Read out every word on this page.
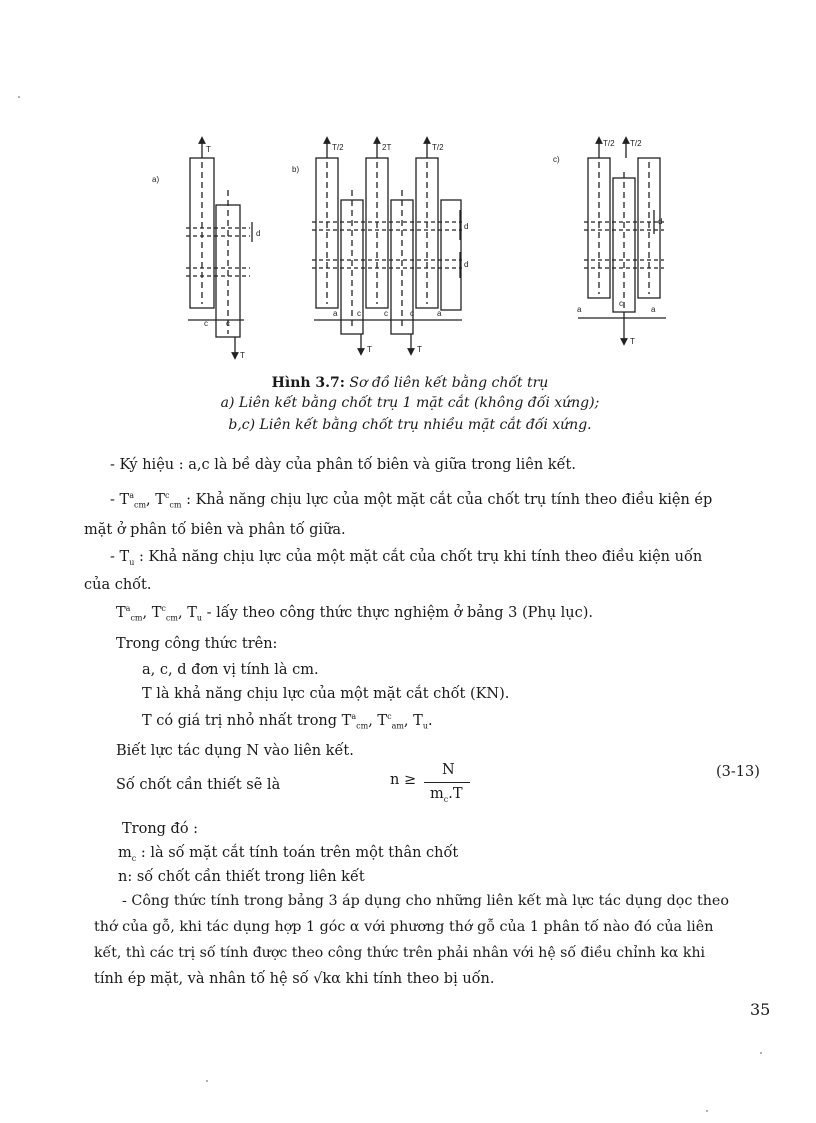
a)
T
T
d
c c
b)
T/2	2T	T/2
d
d
a c	c	c	a
T	T
c)
T/2 T/2
d
a
c
a
T
Hình 3.7: Sơ đồ liên kết bằng chốt trụ
a) Liên kết bằng chốt trụ 1 mặt cắt (không đối xứng);
b,c) Liên kết bằng chốt trụ nhiều mặt cắt đối xứng.
- Ký hiệu : a,c là bề dày của phân tố biên và giữa trong liên kết.
- $T^a_{cm}$, $T^c_{cm}$ : Khả năng chịu lực của một mặt cắt của chốt trụ tính theo điều kiện ép
mặt ở phân tố biên và phân tố giữa.
- $T_u$ : Khả năng chịu lực của một mặt cắt của chốt trụ khi tính theo điều kiện uốn
của chốt.
$T^a_{cm}$, $T^c_{cm}$, $T_u$ - lấy theo công thức thực nghiệm ở bảng 3 (Phụ lục).
Trong công thức trên:
a, c, d đơn vị tính là cm.
T là khả năng chịu lực của một mặt cắt chốt (KN).
T có giá trị nhỏ nhất trong $T^a_{cm}$, $T^c_{am}$, $T_u$.
Biết lực tác dụng N vào liên kết.
Số chốt cần thiết sẽ là	n ≥
N
$m_c.T$
(3-13)
Trong đó :
$m_c$ : là số mặt cắt tính toán trên một thân chốt
n: số chốt cần thiết trong liên kết
- Công thức tính trong bảng 3 áp dụng cho những liên kết mà lực tác dụng dọc theo
thớ của gỗ, khi tác dụng hợp 1 góc α với phương thớ gỗ của 1 phân tố nào đó của liên
kết, thì các trị số tính được theo công thức trên phải nhân với hệ số điều chỉnh kα khi
tính ép mặt, và nhân tố hệ số √kα khi tính theo bị uốn.
35
